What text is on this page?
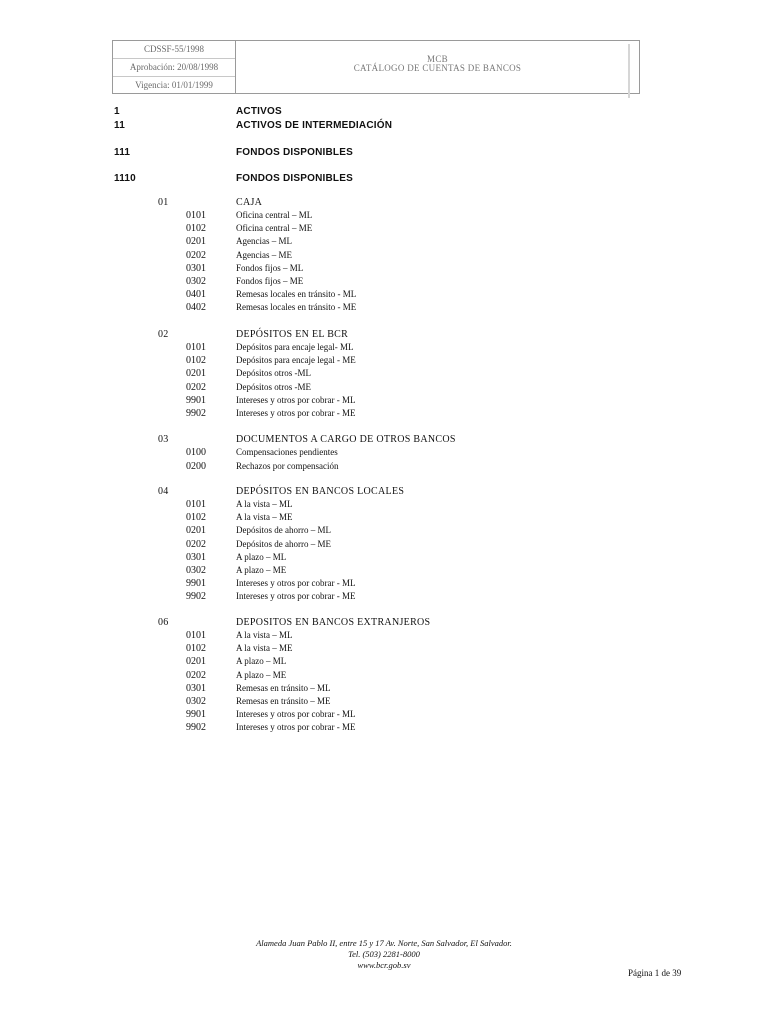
CDSSF-55/1998
Aprobación: 20/08/1998
Vigencia: 01/01/1999
MCB
CATÁLOGO DE CUENTAS DE BANCOS
1	ACTIVOS
11	ACTIVOS DE INTERMEDIACIÓN
111	FONDOS DISPONIBLES
1110	FONDOS DISPONIBLES
01	CAJA
0101	Oficina central – ML
0102	Oficina central – ME
0201	Agencias – ML
0202	Agencias – ME
0301	Fondos fijos – ML
0302	Fondos fijos – ME
0401	Remesas locales en tránsito - ML
0402	Remesas locales en tránsito - ME
02	DEPÓSITOS EN EL BCR
0101	Depósitos para encaje legal- ML
0102	Depósitos para encaje legal - ME
0201	Depósitos otros -ML
0202	Depósitos otros -ME
9901	Intereses y otros por cobrar - ML
9902	Intereses y otros por cobrar - ME
03	DOCUMENTOS A CARGO DE OTROS BANCOS
0100	Compensaciones pendientes
0200	Rechazos por compensación
04	DEPÓSITOS EN BANCOS LOCALES
0101	A la vista – ML
0102	A la vista – ME
0201	Depósitos de ahorro – ML
0202	Depósitos de ahorro – ME
0301	A plazo – ML
0302	A plazo – ME
9901	Intereses y otros por cobrar - ML
9902	Intereses y otros por cobrar - ME
06	DEPOSITOS EN BANCOS EXTRANJEROS
0101	A la vista – ML
0102	A la vista – ME
0201	A plazo – ML
0202	A plazo – ME
0301	Remesas en tránsito – ML
0302	Remesas en tránsito – ME
9901	Intereses y otros por cobrar - ML
9902	Intereses y otros por cobrar - ME
Alameda Juan Pablo II, entre 15 y 17 Av. Norte, San Salvador, El Salvador.
Tel. (503) 2281-8000
www.bcr.gob.sv
Página 1 de 39
